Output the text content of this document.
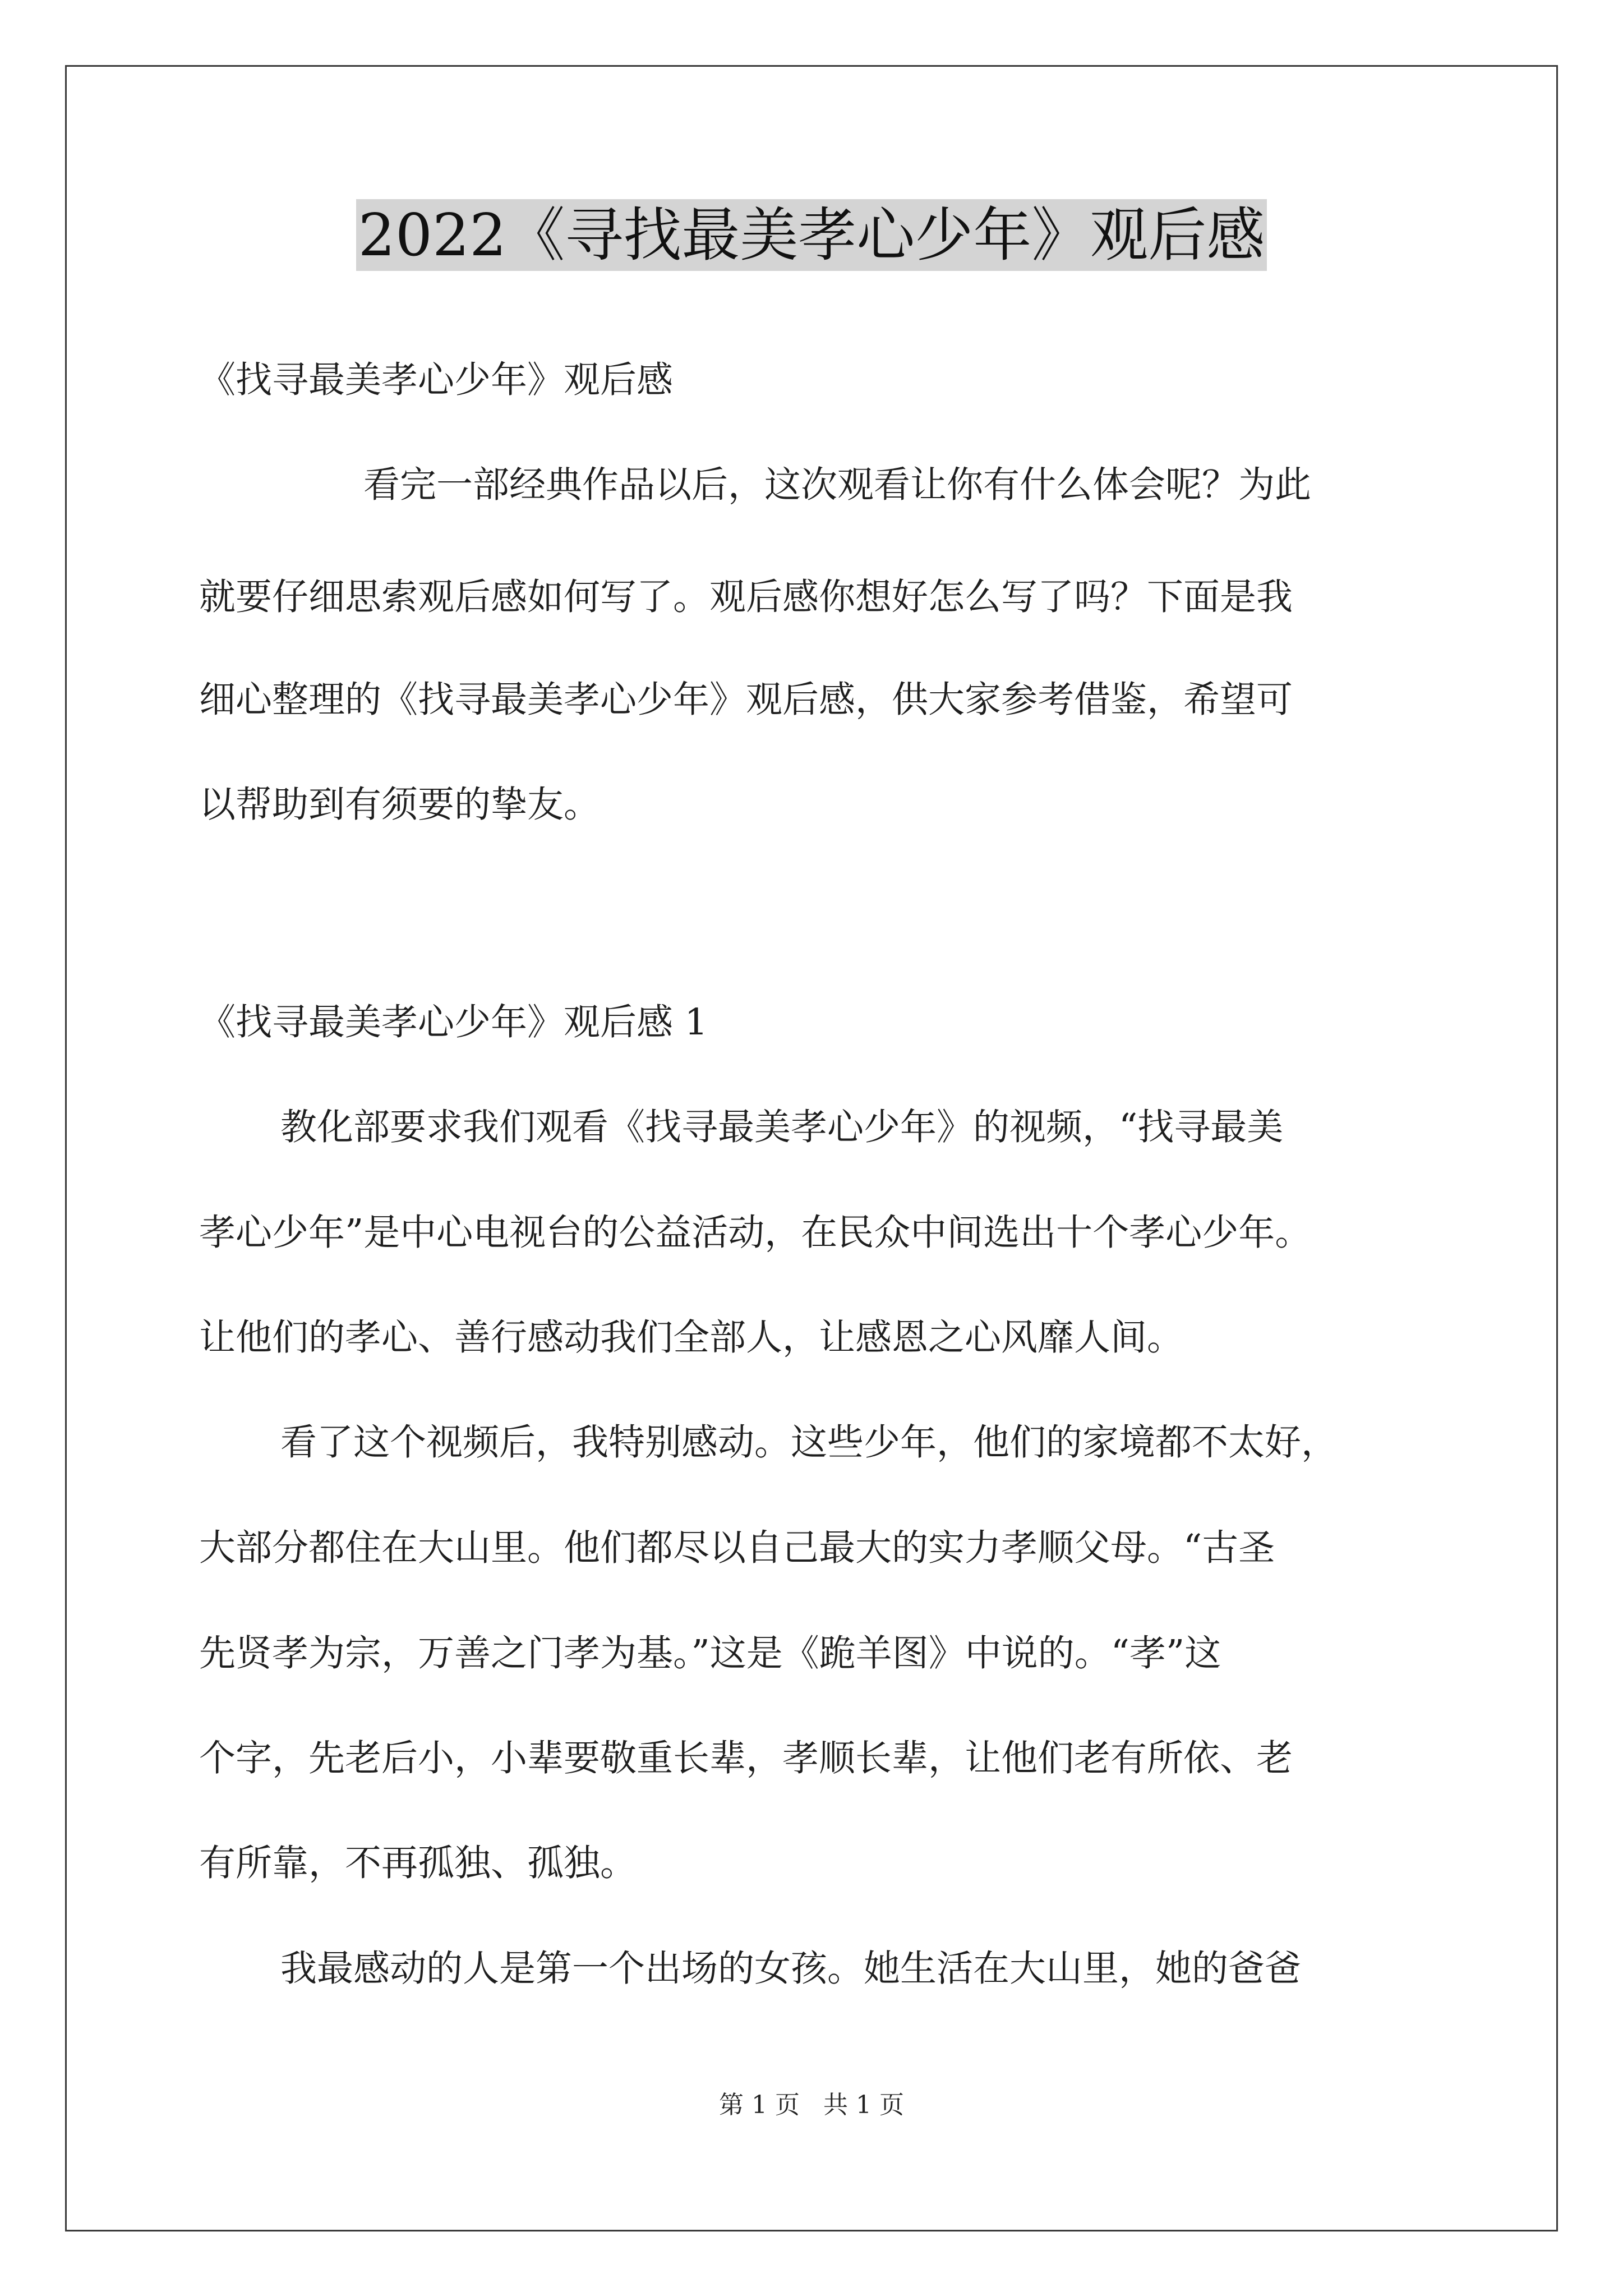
2022《寻找最美孝心少年》观后感
《找寻最美孝心少年》观后感
看完一部经典作品以后，这次观看让你有什么体会呢？为此
就要仔细思索观后感如何写了。观后感你想好怎么写了吗？下面是我
细心整理的《找寻最美孝心少年》观后感，供大家参考借鉴，希望可
以帮助到有须要的挚友。
《找寻最美孝心少年》观后感 1
教化部要求我们观看《找寻最美孝心少年》的视频，“找寻最美
孝心少年”是中心电视台的公益活动，在民众中间选出十个孝心少年。
让他们的孝心、善行感动我们全部人，让感恩之心风靡人间。
看了这个视频后，我特别感动。这些少年，他们的家境都不太好，
大部分都住在大山里。他们都尽以自己最大的实力孝顺父母。“古圣
先贤孝为宗，万善之门孝为基。”这是《跪羊图》中说的。“孝”这
个字，先老后小，小辈要敬重长辈，孝顺长辈，让他们老有所依、老
有所靠，不再孤独、孤独。
我最感动的人是第一个出场的女孩。她生活在大山里，她的爸爸
第 1 页   共 1 页
